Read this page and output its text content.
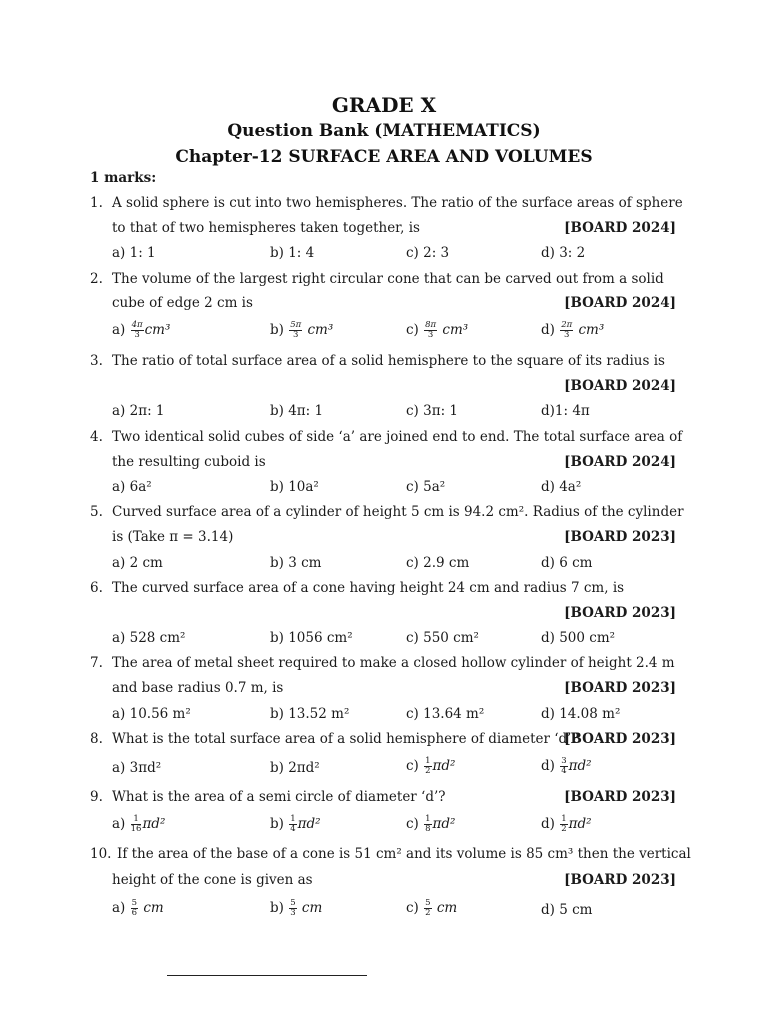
GRADE X
Question Bank (MATHEMATICS)
Chapter-12 SURFACE AREA AND VOLUMES
1 marks:
1. A solid sphere is cut into two hemispheres. The ratio of the surface areas of sphere
to that of two hemispheres taken together, is	[BOARD 2024]
a) 1: 1	b) 1: 4	c) 2: 3	d) 3: 2
2. The volume of the largest right circular cone that can be carved out from a solid
cube of edge 2 cm is	[BOARD 2024]
$a) \frac{4\pi}{3} cm^3$	$b) \frac{5\pi}{3} cm^3$	$c) \frac{8\pi}{3} cm^3$	$d) \frac{2\pi}{3} cm^3$
3. The ratio of total surface area of a solid hemisphere to the square of its radius is
[BOARD 2024]
a) 2π: 1	b) 4π: 1	c) 3π: 1	d)1: 4π
4. Two identical solid cubes of side ‘a’ are joined end to end. The total surface area of
the resulting cuboid is	[BOARD 2024]
a) 6a²	b) 10a²	c) 5a²	d) 4a²
5. Curved surface area of a cylinder of height 5 cm is 94.2 cm². Radius of the cylinder
is (Take π = 3.14)	[BOARD 2023]
a) 2 cm	b) 3 cm	c) 2.9 cm	d) 6 cm
6. The curved surface area of a cone having height 24 cm and radius 7 cm, is
[BOARD 2023]
a) 528 cm²	b) 1056 cm²	c) 550 cm²	d) 500 cm²
7. The area of metal sheet required to make a closed hollow cylinder of height 2.4 m
and base radius 0.7 m, is	[BOARD 2023]
a) 10.56 m²	b) 13.52 m²	c) 13.64 m²	d) 14.08 m²
8. What is the total surface area of a solid hemisphere of diameter ‘d’?
[BOARD 2023]
a) 3πd²	b) 2πd²	$c) \frac{1}{2} \pi d^2$	$d) \frac{3}{4} \pi d^2$
9. What is the area of a semi circle of diameter ‘d’?	[BOARD 2023]
$a) \frac{1}{16} \pi d^2$	$b) \frac{1}{4} \pi d^2$	$c) \frac{1}{8} \pi d^2$	$d) \frac{1}{2} \pi d^2$
10. If the area of the base of a cone is 51 cm² and its volume is 85 cm³ then the vertical
height of the cone is given as	[BOARD 2023]
$a) \frac{5}{6}$ cm	$b) \frac{5}{3}$ cm	$c) \frac{5}{2}$ cm	d) 5 cm
